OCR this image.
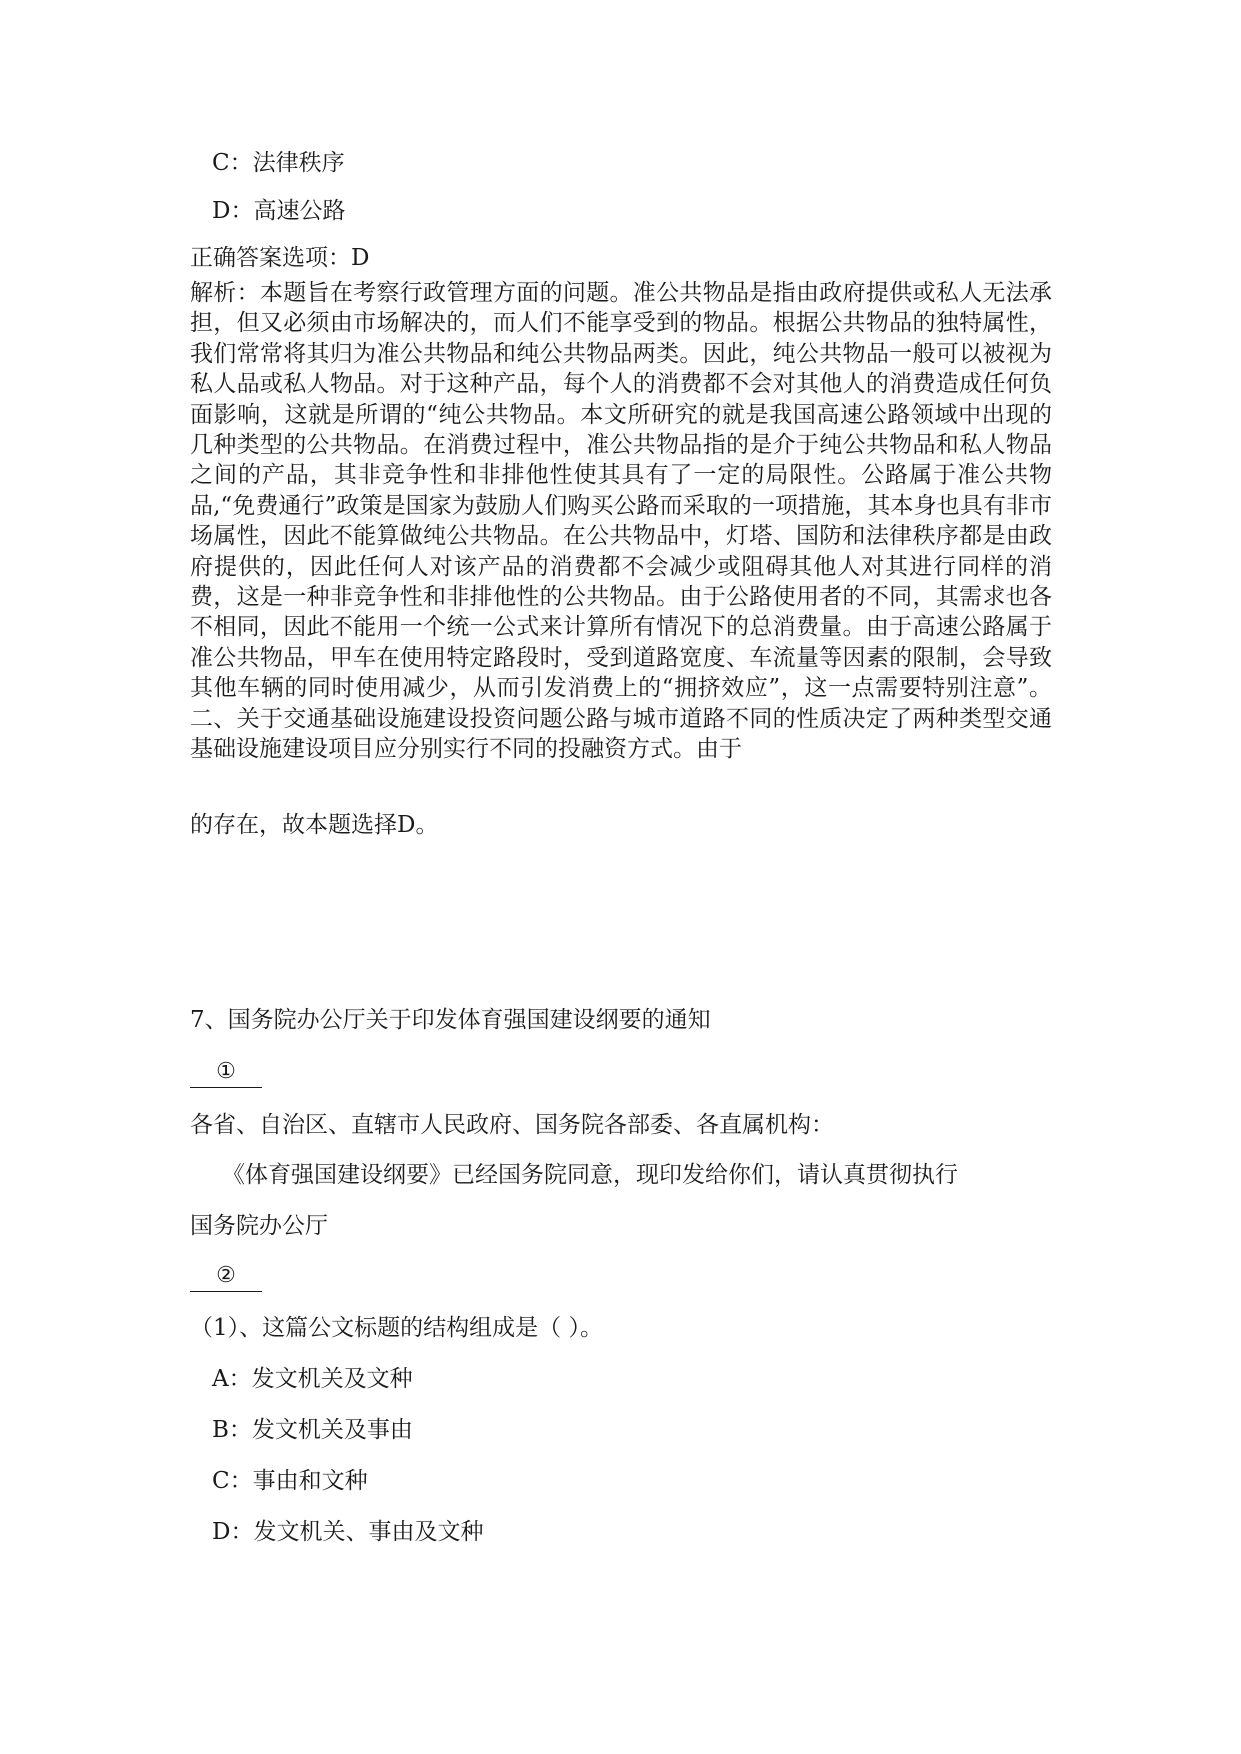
C：法律秩序
D：高速公路
正确答案选项：D
解析：本题旨在考察行政管理方面的问题。准公共物品是指由政府提供或私人无法承担，但又必须由市场解决的，而人们不能享受到的物品。根据公共物品的独特属性，我们常常将其归为准公共物品和纯公共物品两类。因此，纯公共物品一般可以被视为私人品或私人物品。对于这种产品，每个人的消费都不会对其他人的消费造成任何负面影响，这就是所谓的“纯公共物品。本文所研究的就是我国高速公路领域中出现的几种类型的公共物品。在消费过程中，准公共物品指的是介于纯公共物品和私人物品之间的产品，其非竞争性和非排他性使其具有了一定的局限性。公路属于准公共物品,“免费通行”政策是国家为鼓励人们购买公路而采取的一项措施，其本身也具有非市场属性，因此不能算做纯公共物品。在公共物品中，灯塔、国防和法律秩序都是由政府提供的，因此任何人对该产品的消费都不会减少或阻碍其他人对其进行同样的消费，这是一种非竞争性和非排他性的公共物品。由于公路使用者的不同，其需求也各不相同，因此不能用一个统一公式来计算所有情况下的总消费量。由于高速公路属于准公共物品，甲车在使用特定路段时，受到道路宽度、车流量等因素的限制，会导致其他车辆的同时使用减少，从而引发消费上的“拥挤效应”，这一点需要特别注意”。二、关于交通基础设施建设投资问题公路与城市道路不同的性质决定了两种类型交通基础设施建设项目应分别实行不同的投融资方式。由于
的存在，故本题选择D。
7、国务院办公厅关于印发体育强国建设纲要的通知
①
各省、自治区、直辖市人民政府、国务院各部委、各直属机构：
《体育强国建设纲要》已经国务院同意，现印发给你们，请认真贯彻执行
国务院办公厅
②
（1）、这篇公文标题的结构组成是（ ）。
A：发文机关及文种
B：发文机关及事由
C：事由和文种
D：发文机关、事由及文种
